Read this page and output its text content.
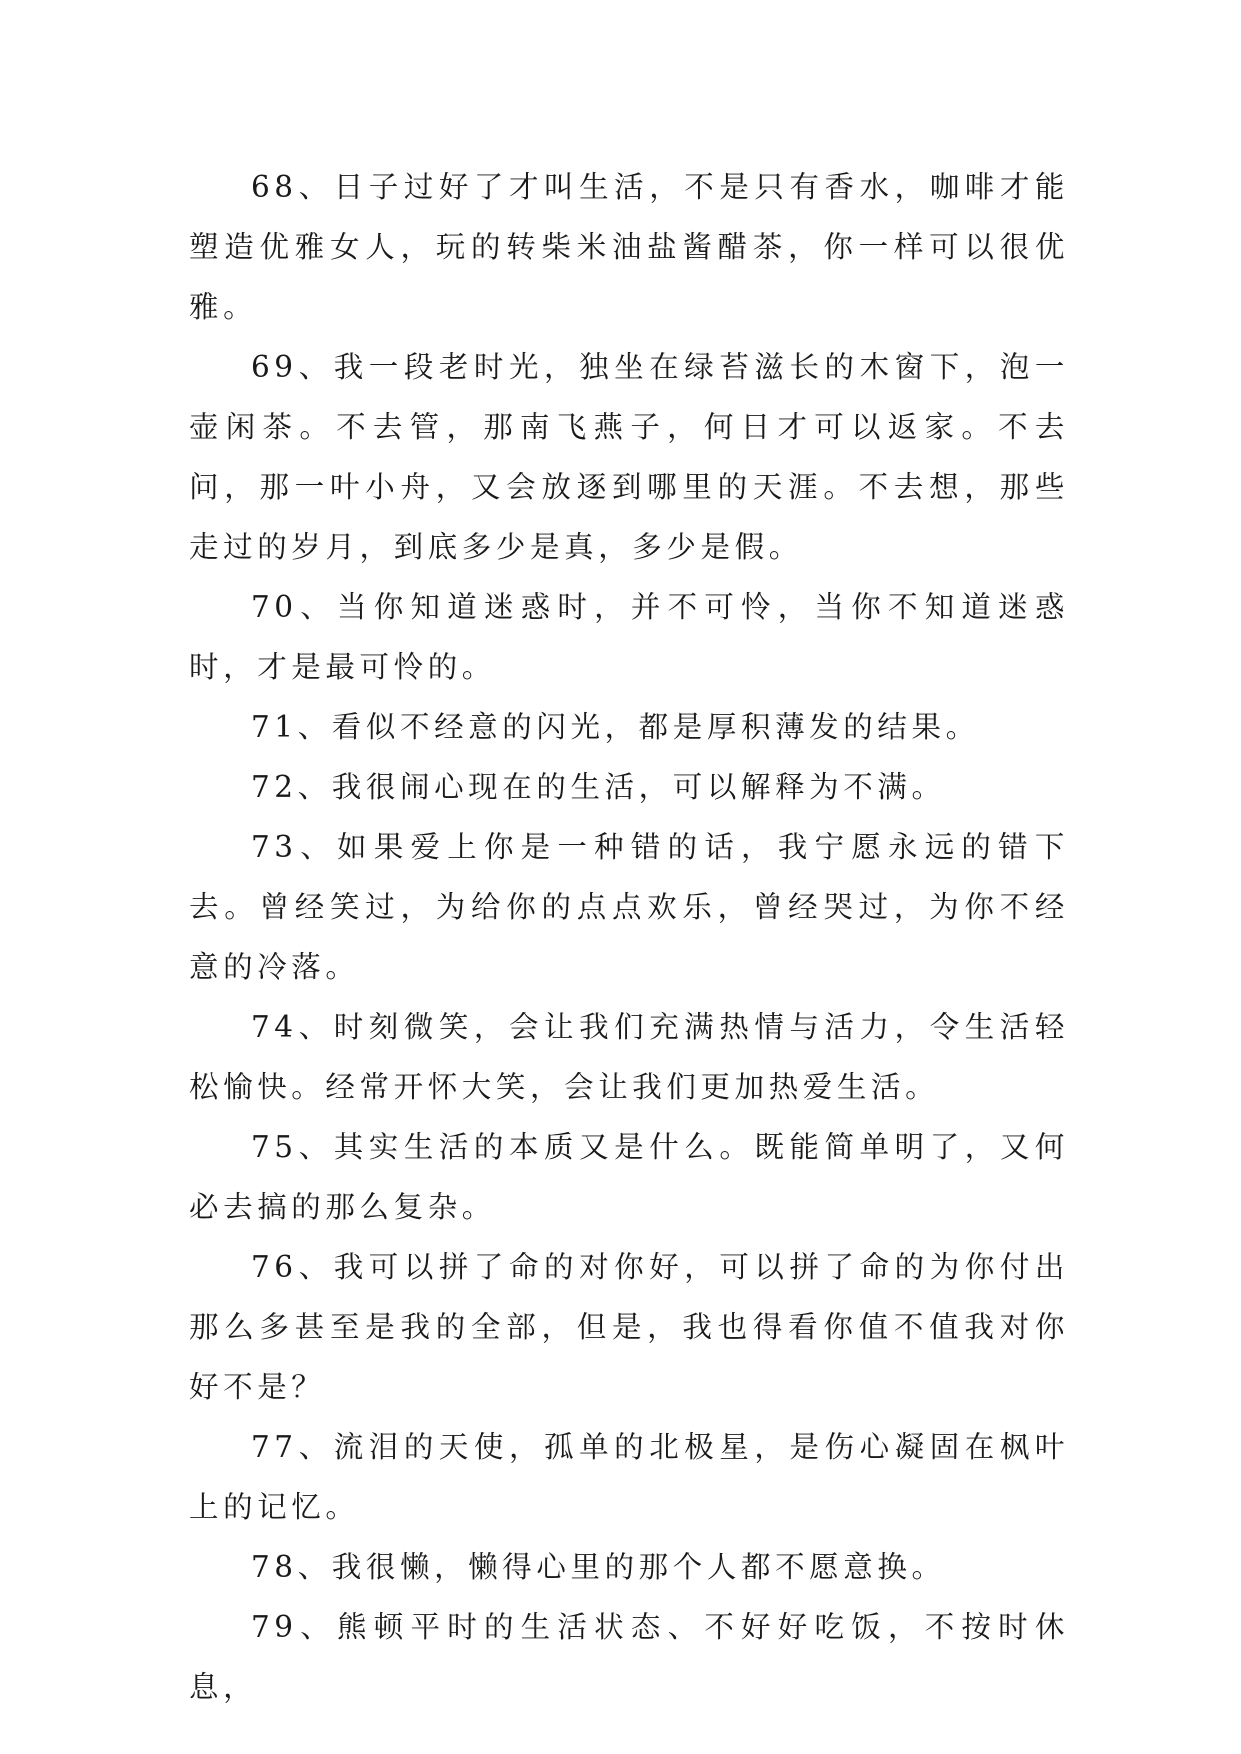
68、日子过好了才叫生活，不是只有香水，咖啡才能塑造优雅女人，玩的转柴米油盐酱醋茶，你一样可以很优雅。

69、我一段老时光，独坐在绿苔滋长的木窗下，泡一壶闲茶。不去管，那南飞燕子，何日才可以返家。不去问，那一叶小舟，又会放逐到哪里的天涯。不去想，那些走过的岁月，到底多少是真，多少是假。

70、当你知道迷惑时，并不可怜，当你不知道迷惑时，才是最可怜的。

71、看似不经意的闪光，都是厚积薄发的结果。

72、我很闹心现在的生活，可以解释为不满。

73、如果爱上你是一种错的话，我宁愿永远的错下去。曾经笑过，为给你的点点欢乐，曾经哭过，为你不经意的冷落。

74、时刻微笑，会让我们充满热情与活力，令生活轻松愉快。经常开怀大笑，会让我们更加热爱生活。

75、其实生活的本质又是什么。既能简单明了，又何必去搞的那么复杂。

76、我可以拼了命的对你好，可以拼了命的为你付出那么多甚至是我的全部，但是，我也得看你值不值我对你好不是？

77、流泪的天使，孤单的北极星，是伤心凝固在枫叶上的记忆。

78、我很懒，懒得心里的那个人都不愿意换。

79、熊顿平时的生活状态、不好好吃饭，不按时休息，
